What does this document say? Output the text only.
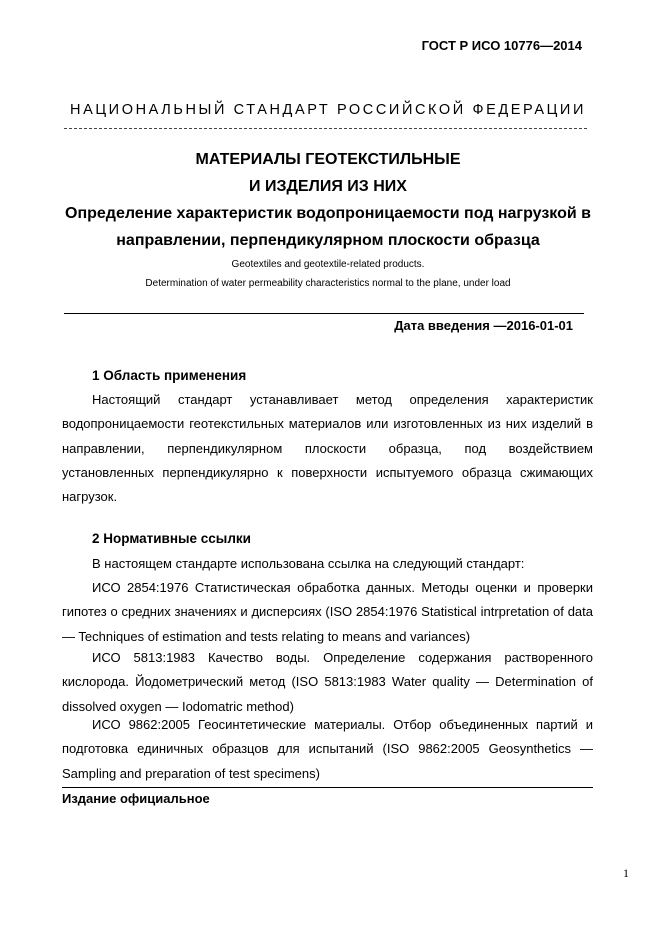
ГОСТ Р ИСО 10776—2014
НАЦИОНАЛЬНЫЙ СТАНДАРТ РОССИЙСКОЙ ФЕДЕРАЦИИ
МАТЕРИАЛЫ ГЕОТЕКСТИЛЬНЫЕ
И ИЗДЕЛИЯ ИЗ НИХ
Определение характеристик водопроницаемости под нагрузкой в
направлении, перпендикулярном плоскости образца
Geotextiles and geotextile-related products.
Determination of water permeability characteristics normal to the plane, under load
Дата введения —2016-01-01
1 Область применения

Настоящий стандарт устанавливает метод определения характеристик водопроницаемости геотекстильных материалов или изготовленных из них изделий в направлении, перпендикулярном плоскости образца, под воздействием установленных перпендикулярно к поверхности испытуемого образца сжимающих нагрузок.

2 Нормативные ссылки

В настоящем стандарте использована ссылка на следующий стандарт:

ИСО 2854:1976 Статистическая обработка данных. Методы оценки и проверки гипотез о средних значениях и дисперсиях (ISO 2854:1976 Statistical intrpretation of data — Techniques of estimation and tests relating to means and variances)

ИСО 5813:1983 Качество воды. Определение содержания растворенного кислорода. Йодометрический метод (ISO 5813:1983 Water quality — Determination of dissolved oxygen — Iodomatric method)

ИСО 9862:2005 Геосинтетические материалы. Отбор объединенных партий и подготовка единичных образцов для испытаний (ISO 9862:2005 Geosynthetics — Sampling and preparation of test specimens)

Издание официальное
1
